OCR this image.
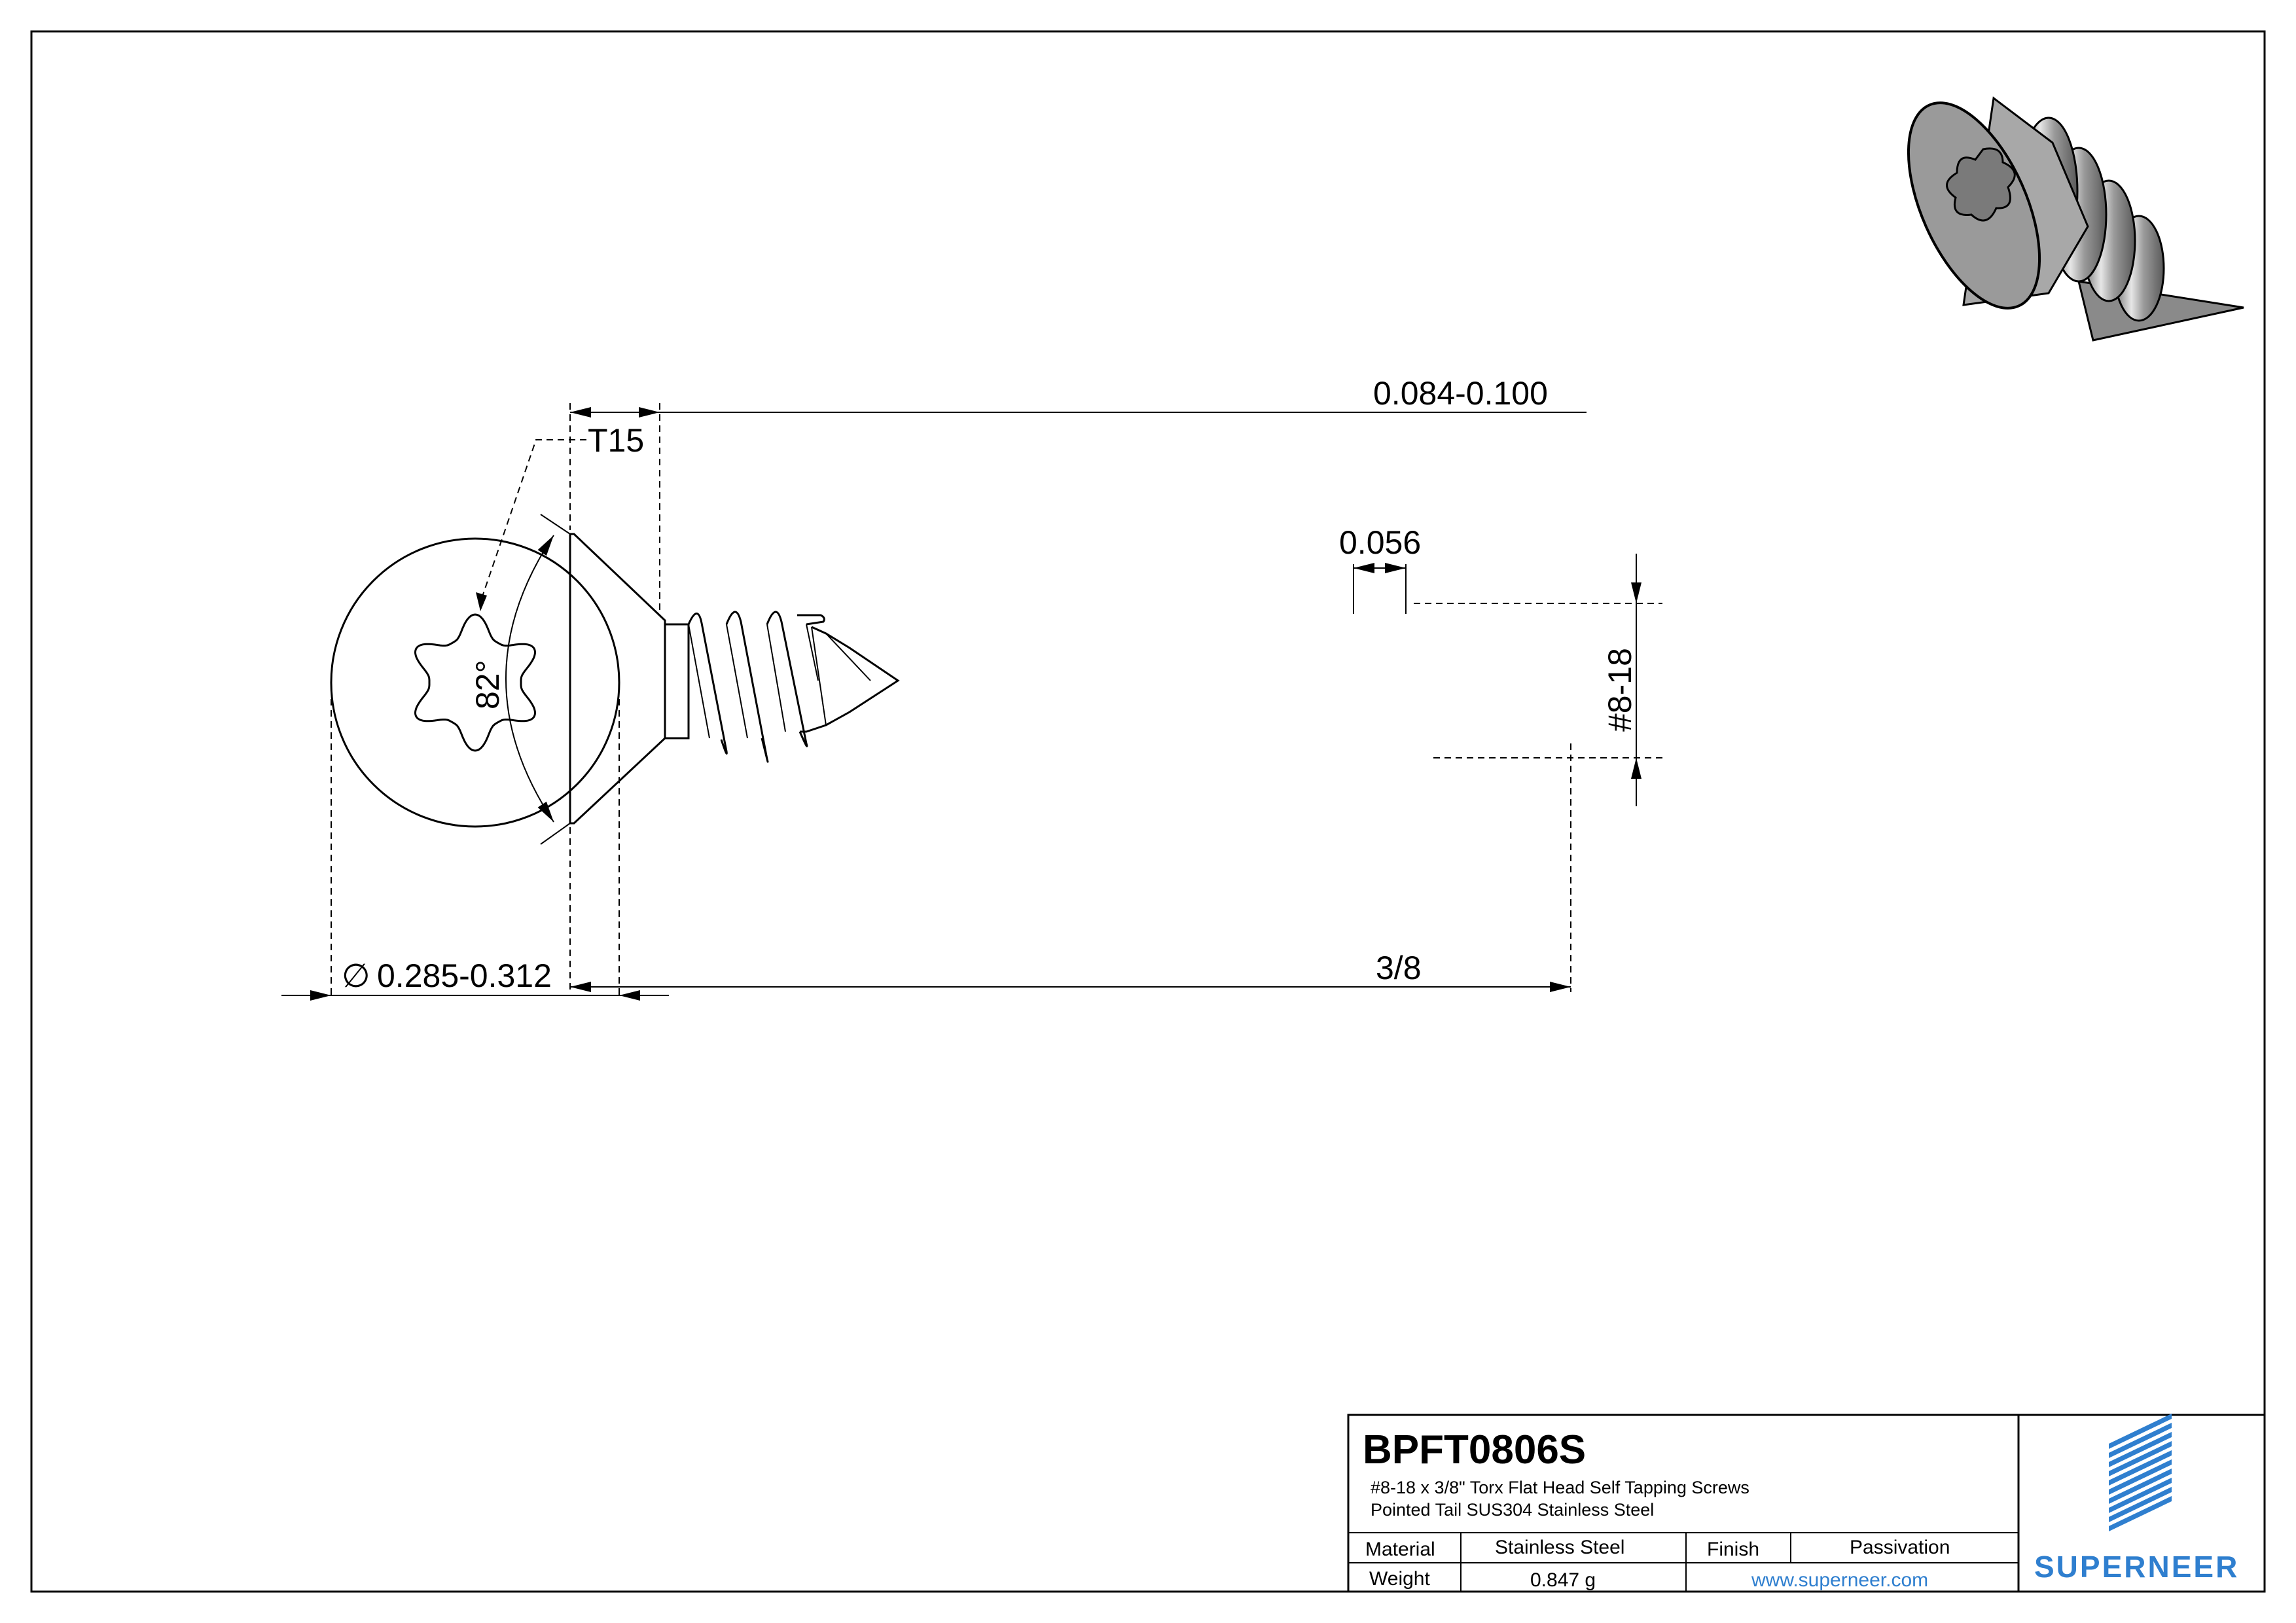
T15
∅ 0.285-0.312
82°
0.084-0.100
0.056
#8-18
3/8
BPFT0806S
#8-18 x 3/8" Torx Flat Head Self Tapping Screws
Pointed Tail SUS304 Stainless Steel
Material	Stainless Steel	Finish	Passivation
Weight	0.847 g	www.superneer.com	SUPERNEER
